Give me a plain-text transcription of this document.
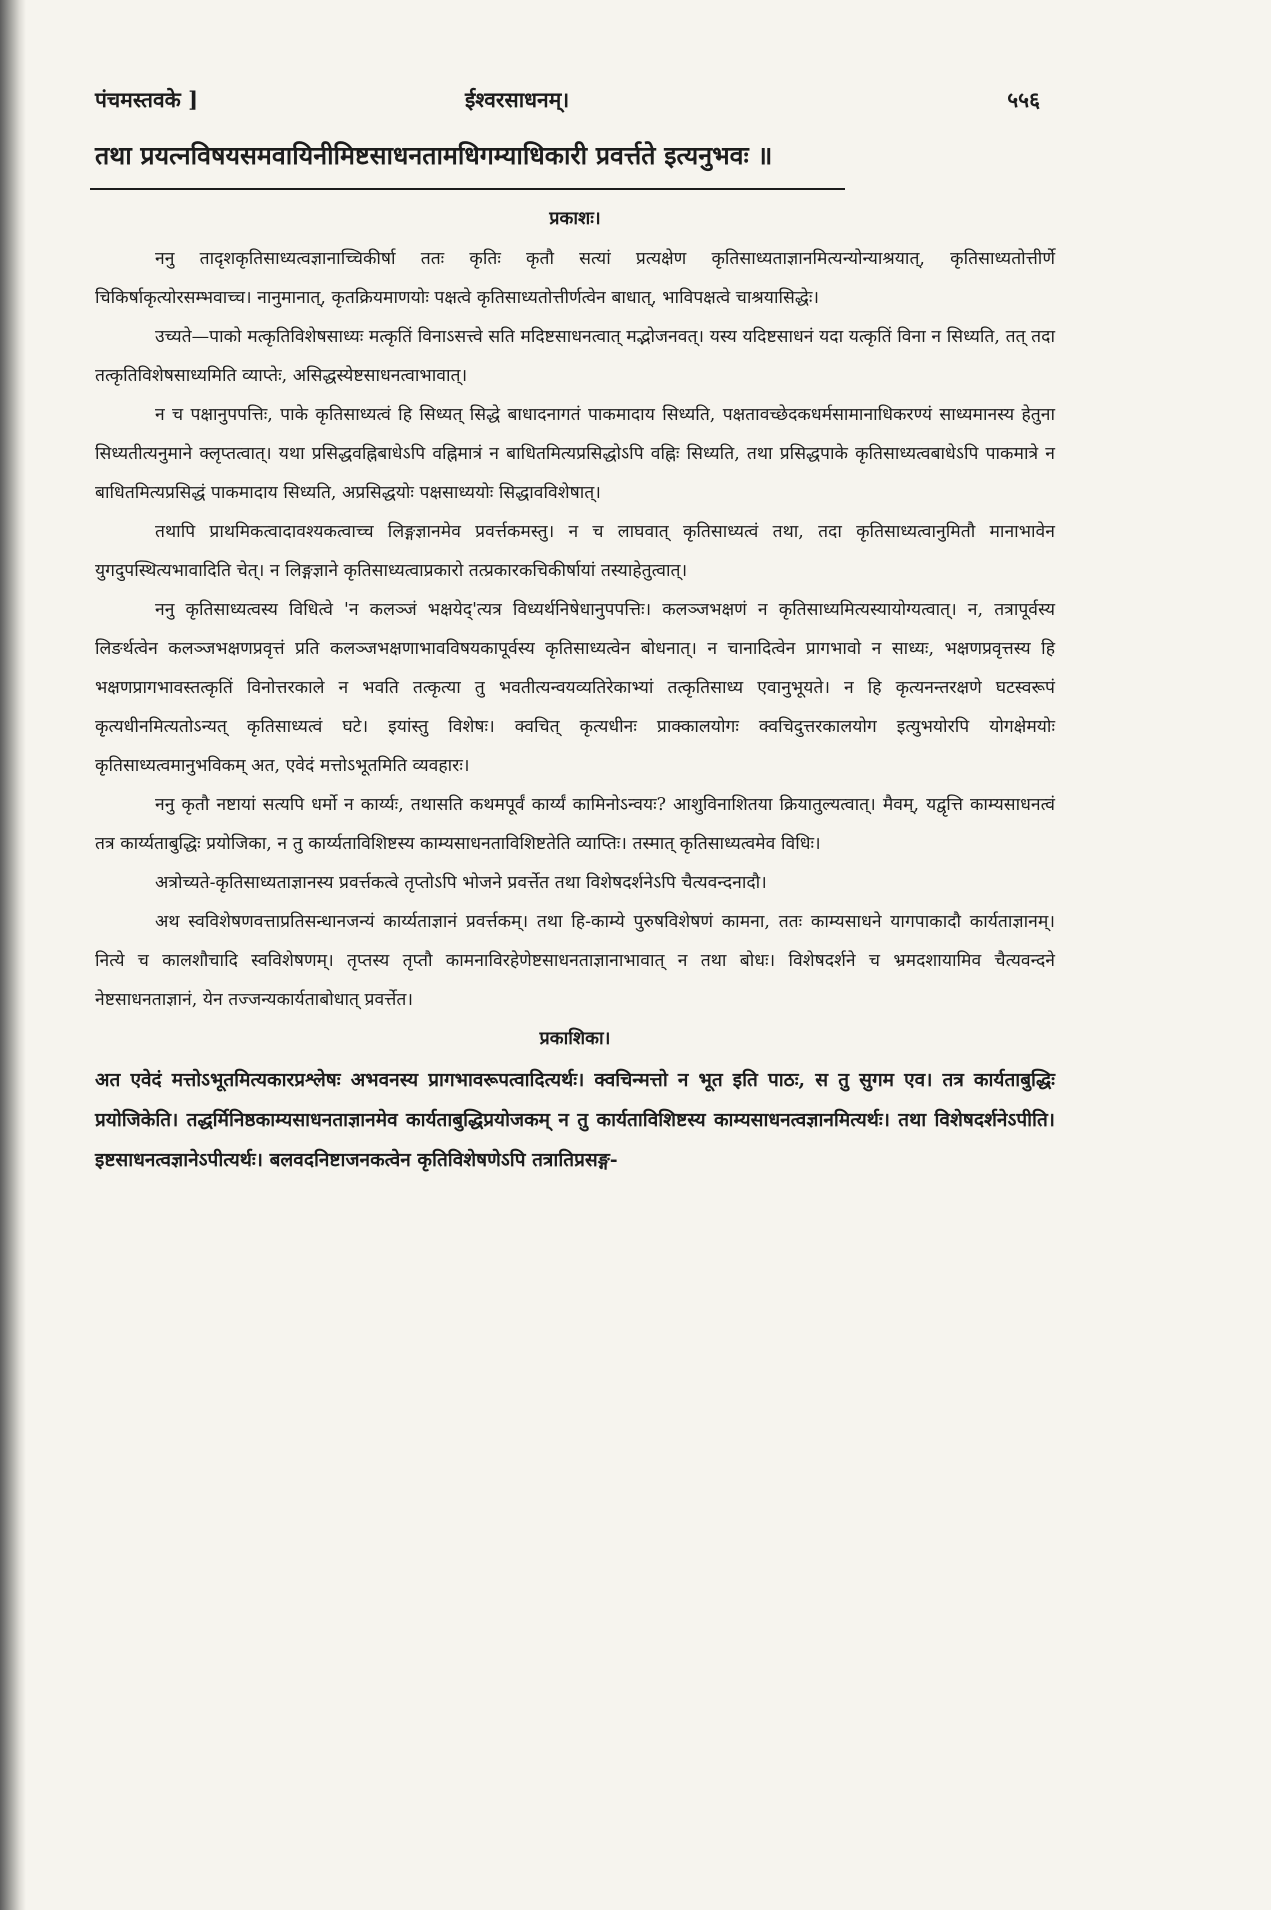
पंचमस्तवके ]	ईश्वरसाधनम्।	५५६
तथा प्रयत्नविषयसमवायिनीमिष्टसाधनतामधिगम्याधिकारी प्रवर्त्तते इत्यनुभवः ॥
प्रकाशः।

ननु तादृशकृतिसाध्यत्वज्ञानाच्चिकीर्षा ततः कृतिः कृतौ सत्यां प्रत्यक्षेण कृतिसाध्यताज्ञानमित्यन्योन्याश्रयात्, कृतिसाध्यतोत्तीर्णे चिकिर्षाकृत्योरसम्भवाच्च। नानुमानात्, कृतक्रियमाणयोः पक्षत्वे कृतिसाध्यतोत्तीर्णत्वेन बाधात्, भाविपक्षत्वे चाश्रयासिद्धेः।

उच्यते—पाको मत्कृतिविशेषसाध्यः मत्कृतिं विनाऽसत्त्वे सति मदिष्टसाधनत्वात् मद्भोजनवत्। यस्य यदिष्टसाधनं यदा यत्कृतिं विना न सिध्यति, तत् तदा तत्कृतिविशेषसाध्यमिति व्याप्तेः, असिद्धस्येष्टसाधनत्वाभावात्।

न च पक्षानुपपत्तिः, पाके कृतिसाध्यत्वं हि सिध्यत् सिद्धे बाधादनागतं पाकमादाय सिध्यति, पक्षतावच्छेदकधर्मसामानाधिकरण्यं साध्यमानस्य हेतुना सिध्यतीत्यनुमाने क्लृप्तत्वात्। यथा प्रसिद्धवह्निबाधेऽपि वह्निमात्रं न बाधितमित्यप्रसिद्धोऽपि वह्निः सिध्यति, तथा प्रसिद्धपाके कृतिसाध्यत्वबाधेऽपि पाकमात्रे न बाधितमित्यप्रसिद्धं पाकमादाय सिध्यति, अप्रसिद्धयोः पक्षसाध्ययोः सिद्धावविशेषात्।

तथापि प्राथमिकत्वादावश्यकत्वाच्च लिङ्गज्ञानमेव प्रवर्त्तकमस्तु। न च लाघवात् कृतिसाध्यत्वं तथा, तदा कृतिसाध्यत्वानुमितौ मानाभावेन युगदुपस्थित्यभावादिति चेत्। न लिङ्गज्ञाने कृतिसाध्यत्वाप्रकारो तत्प्रकारकचिकीर्षायां तस्याहेतुत्वात्।

ननु कृतिसाध्यत्वस्य विधित्वे 'न कलञ्जं भक्षयेद्'त्यत्र विध्यर्थनिषेधानुपपत्तिः। कलञ्जभक्षणं न कृतिसाध्यमित्यस्यायोग्यत्वात्। न, तत्रापूर्वस्य लिङर्थत्वेन कलञ्जभक्षणप्रवृत्तं प्रति कलञ्जभक्षणाभावविषयकापूर्वस्य कृतिसाध्यत्वेन बोधनात्। न चानादित्वेन प्रागभावो न साध्यः, भक्षणप्रवृत्तस्य हि भक्षणप्रागभावस्तत्कृतिं विनोत्तरकाले न भवति तत्कृत्या तु भवतीत्यन्वयव्यतिरेकाभ्यां तत्कृतिसाध्य एवानुभूयते। न हि कृत्यनन्तरक्षणे घटस्वरूपं कृत्यधीनमित्यतोऽन्यत् कृतिसाध्यत्वं घटे। इयांस्तु विशेषः। क्वचित् कृत्यधीनः प्राक्कालयोगः क्वचिदुत्तरकालयोग इत्युभयोरपि योगक्षेमयोः कृतिसाध्यत्वमानुभविकम् अत, एवेदं मत्तोऽभूतमिति व्यवहारः।

ननु कृतौ नष्टायां सत्यपि धर्मो न कार्य्यः, तथासति कथमपूर्वं कार्य्यं कामिनोऽन्वयः? आशुविनाशितया क्रियातुल्यत्वात्। मैवम्, यद्वृत्ति काम्यसाधनत्वं तत्र कार्य्यताबुद्धिः प्रयोजिका, न तु कार्य्यताविशिष्टस्य काम्यसाधनताविशिष्टतेति व्याप्तिः। तस्मात् कृतिसाध्यत्वमेव विधिः।

अत्रोच्यते-कृतिसाध्यताज्ञानस्य प्रवर्त्तकत्वे तृप्तोऽपि भोजने प्रवर्त्तेत तथा विशेषदर्शनेऽपि चैत्यवन्दनादौ।

अथ स्वविशेषणवत्ताप्रतिसन्धानजन्यं कार्य्यताज्ञानं प्रवर्त्तकम्। तथा हि-काम्ये पुरुषविशेषणं कामना, ततः काम्यसाधने यागपाकादौ कार्यताज्ञानम्। नित्ये च कालशौचादि स्वविशेषणम्। तृप्तस्य तृप्तौ कामनाविरहेणेष्टसाधनताज्ञानाभावात् न तथा बोधः। विशेषदर्शने च भ्रमदशायामिव चैत्यवन्दने नेष्टसाधनताज्ञानं, येन तज्जन्यकार्यताबोधात् प्रवर्त्तेत।

प्रकाशिका।

अत एवेदं मत्तोऽभूतमित्यकारप्रश्लेषः अभवनस्य प्रागभावरूपत्वादित्यर्थः। क्वचिन्मत्तो न भूत इति पाठः, स तु सुगम एव। तत्र कार्यताबुद्धिः प्रयोजिकेति। तद्धर्मिनिष्ठकाम्यसाधनताज्ञानमेव कार्यताबुद्धिप्रयोजकम् न तु कार्यताविशिष्टस्य काम्यसाधनत्वज्ञानमित्यर्थः। तथा विशेषदर्शनेऽपीति। इष्टसाधनत्वज्ञानेऽपीत्यर्थः। बलवदनिष्टाजनकत्वेन कृतिविशेषणेऽपि तत्रातिप्रसङ्ग-
